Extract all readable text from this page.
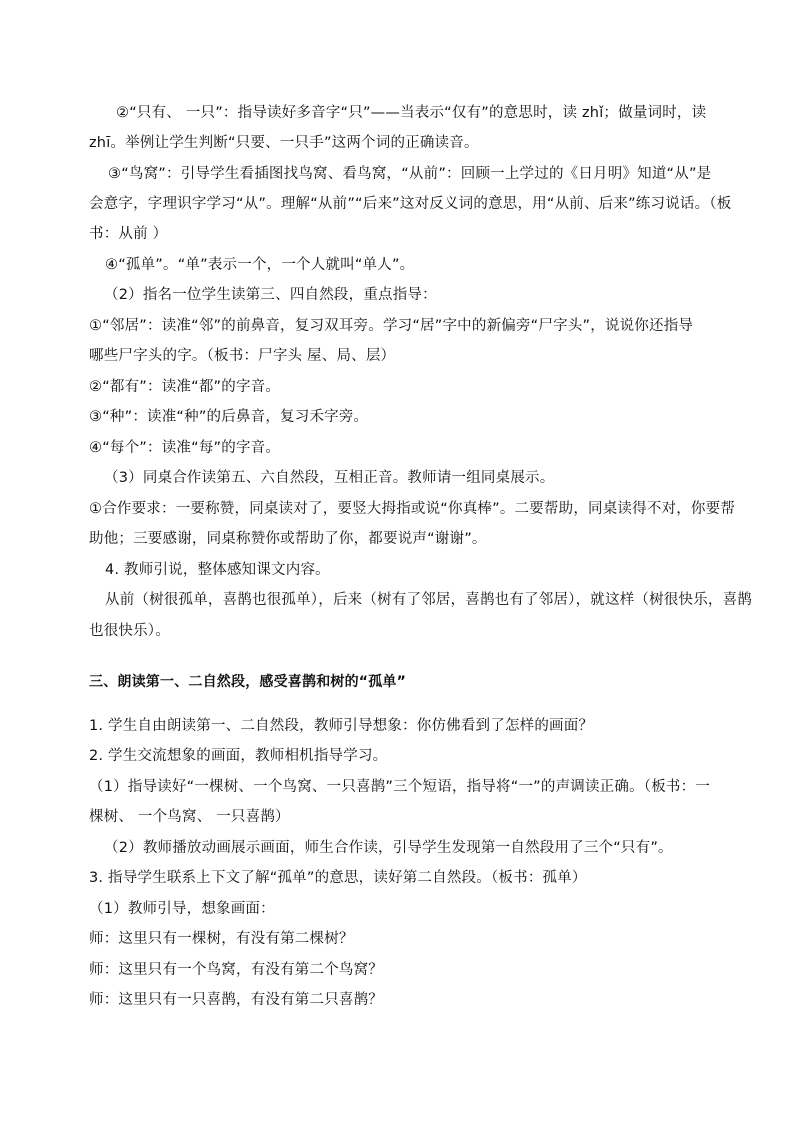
②“只有、 一只”：指导读好多音字“只”——当表示“仅有”的意思时，读 zhǐ；做量词时，读
zhī。举例让学生判断“只要、一只手”这两个词的正确读音。
③“鸟窝”：引导学生看插图找鸟窝、看鸟窝，“从前”：回顾一上学过的《日月明》知道“从”是
会意字，字理识字学习“从”。理解“从前”“后来”这对反义词的意思，用“从前、后来”练习说话。（板
书：从前 ）
④“孤单”。“单”表示一个，一个人就叫“单人”。
（2）指名一位学生读第三、四自然段，重点指导：
①“邻居”：读准“邻”的前鼻音，复习双耳旁。学习“居”字中的新偏旁“尸字头”，说说你还指导
哪些尸字头的字。（板书：尸字头 屋、局、层）
②“都有”：读准“都”的字音。
③“种”：读准“种”的后鼻音，复习禾字旁。
④“每个”：读准“每”的字音。
（3）同桌合作读第五、六自然段，互相正音。教师请一组同桌展示。
①合作要求：一要称赞，同桌读对了，要竖大拇指或说“你真棒”。二要帮助，同桌读得不对，你要帮
助他；三要感谢，同桌称赞你或帮助了你，都要说声“谢谢”。
4. 教师引说，整体感知课文内容。
从前（树很孤单，喜鹊也很孤单），后来（树有了邻居，喜鹊也有了邻居），就这样（树很快乐，喜鹊
也很快乐）。
三、朗读第一、二自然段，感受喜鹊和树的“孤单”
1. 学生自由朗读第一、二自然段，教师引导想象：你仿佛看到了怎样的画面？
2. 学生交流想象的画面，教师相机指导学习。
（1）指导读好“一棵树、一个鸟窝、一只喜鹊”三个短语，指导将“一”的声调读正确。（板书：一
棵树、 一个鸟窝、 一只喜鹊）
（2）教师播放动画展示画面，师生合作读，引导学生发现第一自然段用了三个“只有”。
3. 指导学生联系上下文了解“孤单”的意思，读好第二自然段。（板书：孤单）
（1）教师引导，想象画面：
师：这里只有一棵树，有没有第二棵树？
师：这里只有一个鸟窝，有没有第二个鸟窝？
师：这里只有一只喜鹊，有没有第二只喜鹊？
